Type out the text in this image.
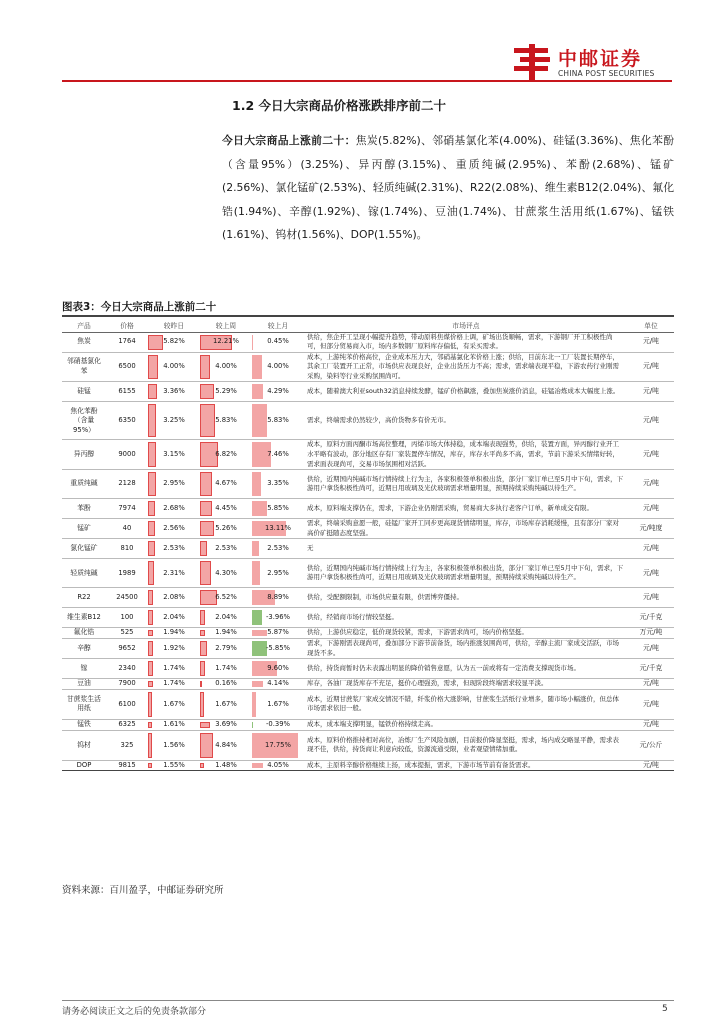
中邮证券
CHINA POST SECURITIES
1.2 今日大宗商品价格涨跌排序前二十
今日大宗商品上涨前二十：焦炭(5.82%)、邻硝基氯化苯(4.00%)、硅锰(3.36%)、焦化苯酚（含量95%）(3.25%)、异丙醇(3.15%)、重质纯碱(2.95%)、苯酚(2.68%)、锰矿(2.56%)、氯化锰矿(2.53%)、轻质纯碱(2.31%)、R22(2.08%)、维生素B12(2.04%)、氟化锆(1.94%)、辛醇(1.92%)、镓(1.74%)、豆油(1.74%)、甘蔗浆生活用纸(1.67%)、锰铁(1.61%)、钨材(1.56%)、DOP(1.55%)。
图表3：今日大宗商品上涨前二十
产品	价格	较昨日	较上周	较上月	市场评点	单位
焦炭	1764	5.82%	12.21%	0.45%	供给，焦企开工呈现小幅提升趋势，带动原料焦煤价格上调，矿场出货顺畅，需求，下游钢厂开工积极性尚可，但部分贸易商入市，场内多数钢厂原料库存偏低，有采买需求。	元/吨
邻硝基氯化苯	6500	4.00%	4.00%	4.00%	成本，上游纯苯价格高位，企业成本压力大，邻硝基氯化苯价格上涨；供给，目前东北一工厂装置长期停车，其余工厂装置开工正常，市场供应表现良好，企业出货压力不高；需求，需求端表现平稳，下游农药行业刚需采购，染料等行业采购氛围尚可。	元/吨
硅锰	6155	3.36%	5.29%	4.29%	成本，随着澳大利亚south32消息持续发酵，锰矿价格飙涨，叠加焦炭涨价消息，硅锰冶炼成本大幅度上涨。	元/吨
焦化苯酚（含量95%）	6350	3.25%	5.83%	5.83%	需求，终端需求仍然较少，高价货物多有价无市。	元/吨
异丙醇	9000	3.15%	6.82%	7.46%	成本，原料方面丙酮市场高位整理，丙烯市场大体持稳，成本端表现强势，供给，装置方面，异丙醇行业开工水平略有波动，部分地区存有厂家装置停车情况，库存，库存水平尚多不高，需求，节前下游采买情绪好转，需求面表现尚可，交易市场氛围相对活跃。	元/吨
重质纯碱	2128	2.95%	4.67%	3.35%	供给，近期国内纯碱市场行情持续上行为主，各家积极签单积极出货，部分厂家订单已至5月中下旬，需求，下游用户拿货积极性尚可，近期日用玻璃及光伏玻璃需求增量明显，预期持续采购纯碱以待生产。	元/吨
苯酚	7974	2.68%	4.45%	5.85%	成本，原料端支撑仍在，需求，下游企业仍刚需采购，贸易商大多执行老客户订单，新单成交有限。	元/吨
锰矿	40	2.56%	5.26%	13.11%	需求，终端采购意愿一般，硅锰厂家开工同步更高现货情绪明显，库存，市场库存消耗缓慢，且有部分厂家对高价矿挺随态度坚强。	元/吨度
氯化锰矿	810	2.53%	2.53%	2.53%	无	元/吨
轻质纯碱	1989	2.31%	4.30%	2.95%	供给，近期国内纯碱市场行情持续上行为主，各家积极签单积极出货，部分厂家订单已至5月中下旬，需求，下游用户拿货积极性尚可，近期日用玻璃及光伏玻璃需求增量明显，预期持续采购纯碱以待生产。	元/吨
R22	24500	2.08%	6.52%	8.89%	供给，受配额限制，市场供应量有限，供需博弈僵持。	元/吨
维生素B12	100	2.04%	2.04%	-3.96%	供给，经销商市场行情较坚挺。	元/千克
氟化锆	525	1.94%	1.94%	5.87%	供给，上游供应稳定，低价现货较紧，需求，下游需求尚可，场内价格坚挺。	万元/吨
辛醇	9652	1.92%	2.79%	-5.85%	需求，下游刚需表现尚可，叠加部分下游节前备货，场内推涨氛围尚可，供给，辛醇主流厂家成交活跃，市场现货不多。	元/吨
镓	2340	1.74%	1.74%	9.60%	供给，持货商暂时仍未表露出明显的降价销售意愿，认为五一前或将有一定消费支撑现货市场。	元/千克
豆油	7900	1.74%	0.16%	4.14%	库存，各油厂现货库存不充足，挺价心理强劲，需求，但现阶段终端需求较显平淡。	元/吨
甘蔗浆生活用纸	6100	1.67%	1.67%	1.67%	成本，近期甘蔗浆厂家成交情况不错，纤浆价格大涨影响，甘蔗浆生活纸行业增多，随市场小幅涨价，但总体市场需求依旧一般。	元/吨
锰铁	6325	1.61%	3.69%	-0.39%	成本，成本端支撑明显，锰铁价格持续走高。	元/吨
钨材	325	1.56%	4.84%	17.75%	成本，原料价格推持相对高位，冶炼厂生产风险加剧，目前报价降显坚挺，需求，场内成交略显平静，需求表现不佳，供给，持货商让利意向较低，资源流通受限，业者观望情绪加重。	元/公斤
DOP	9815	1.55%	1.48%	4.05%	成本，主原料辛醇价格继续上扬，成本提振，需求，下游市场节前有备货需求。	元/吨
资料来源：百川盈孚，中邮证券研究所
请务必阅读正文之后的免责条款部分	5
